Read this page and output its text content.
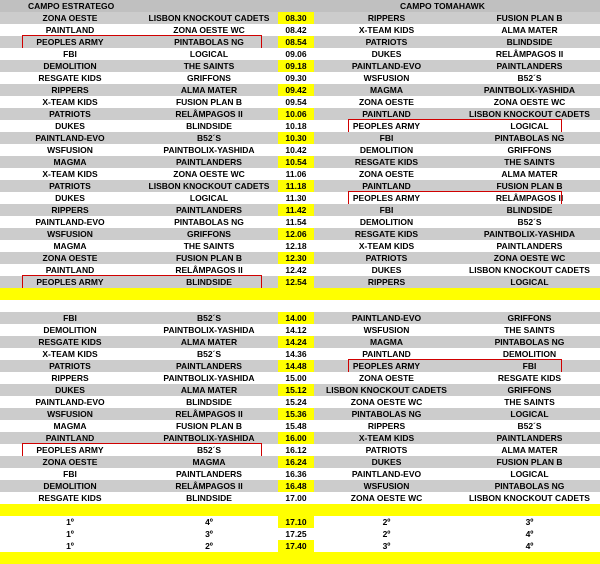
CAMPO ESTRATEGO	CAMPO TOMAHAWK
ZONA OESTE	LISBON KNOCKOUT CADETS	08.30	RIPPERS	FUSION PLAN B
PAINTLAND	ZONA OESTE WC	08.42	X-TEAM KIDS	ALMA MATER
PEOPLES ARMY	PINTABOLAS NG	08.54	PATRIOTS	BLINDSIDE
FBI	LOGICAL	09.06	DUKES	RELÂMPAGOS II
DEMOLITION	THE SAINTS	09.18	PAINTLAND-EVO	PAINTLANDERS
RESGATE KIDS	GRIFFONS	09.30	WSFUSION	B52´S
RIPPERS	ALMA MATER	09.42	MAGMA	PAINTBOLIX-YASHIDA
X-TEAM KIDS	FUSION PLAN B	09.54	ZONA OESTE	ZONA OESTE WC
PATRIOTS	RELÂMPAGOS II	10.06	PAINTLAND	LISBON KNOCKOUT CADETS
DUKES	BLINDSIDE	10.18	PEOPLES ARMY	LOGICAL
PAINTLAND-EVO	B52´S	10.30	FBI	PINTABOLAS NG
WSFUSION	PAINTBOLIX-YASHIDA	10.42	DEMOLITION	GRIFFONS
MAGMA	PAINTLANDERS	10.54	RESGATE KIDS	THE SAINTS
X-TEAM KIDS	ZONA OESTE WC	11.06	ZONA OESTE	ALMA MATER
PATRIOTS	LISBON KNOCKOUT CADETS	11.18	PAINTLAND	FUSION PLAN B
DUKES	LOGICAL	11.30	PEOPLES ARMY	RELÂMPAGOS II
RIPPERS	PAINTLANDERS	11.42	FBI	BLINDSIDE
PAINTLAND-EVO	PINTABOLAS NG	11.54	DEMOLITION	B52´S
WSFUSION	GRIFFONS	12.06	RESGATE KIDS	PAINTBOLIX-YASHIDA
MAGMA	THE SAINTS	12.18	X-TEAM KIDS	PAINTLANDERS
ZONA OESTE	FUSION PLAN B	12.30	PATRIOTS	ZONA OESTE WC
PAINTLAND	RELÂMPAGOS II	12.42	DUKES	LISBON KNOCKOUT CADETS
PEOPLES ARMY	BLINDSIDE	12.54	RIPPERS	LOGICAL
FBI	B52´S	14.00	PAINTLAND-EVO	GRIFFONS
DEMOLITION	PAINTBOLIX-YASHIDA	14.12	WSFUSION	THE SAINTS
RESGATE KIDS	ALMA MATER	14.24	MAGMA	PINTABOLAS NG
X-TEAM KIDS	B52´S	14.36	PAINTLAND	DEMOLITION
PATRIOTS	PAINTLANDERS	14.48	PEOPLES ARMY	FBI
RIPPERS	PAINTBOLIX-YASHIDA	15.00	ZONA OESTE	RESGATE KIDS
DUKES	ALMA MATER	15.12	LISBON KNOCKOUT CADETS	GRIFFONS
PAINTLAND-EVO	BLINDSIDE	15.24	ZONA OESTE WC	THE SAINTS
WSFUSION	RELÂMPAGOS II	15.36	PINTABOLAS NG	LOGICAL
MAGMA	FUSION PLAN B	15.48	RIPPERS	B52´S
PAINTLAND	PAINTBOLIX-YASHIDA	16.00	X-TEAM KIDS	PAINTLANDERS
PEOPLES ARMY	B52´S	16.12	PATRIOTS	ALMA MATER
ZONA OESTE	MAGMA	16.24	DUKES	FUSION PLAN B
FBI	PAINTLANDERS	16.36	PAINTLAND-EVO	LOGICAL
DEMOLITION	RELÂMPAGOS II	16.48	WSFUSION	PINTABOLAS NG
RESGATE KIDS	BLINDSIDE	17.00	ZONA OESTE WC	LISBON KNOCKOUT CADETS
1º	4º	17.10	2º	3º
1º	3º	17.25	2º	4º
1º	2º	17.40	3º	4º
